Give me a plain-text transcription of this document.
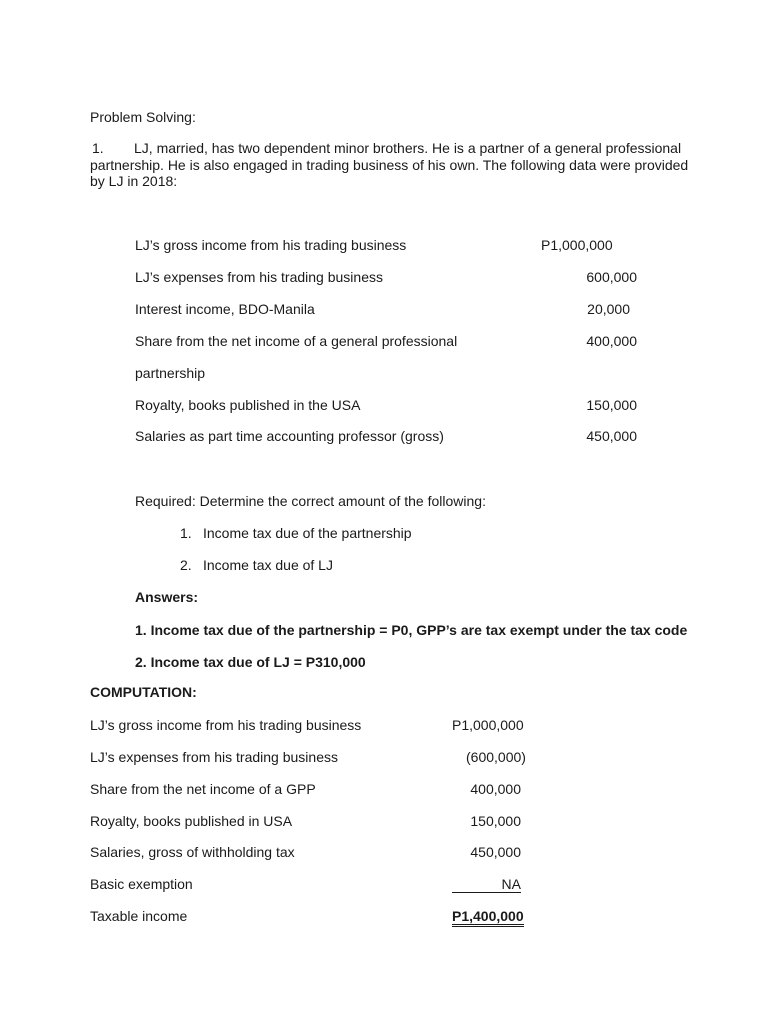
Problem Solving:
1. LJ, married, has two dependent minor brothers. He is a partner of a general professional partnership. He is also engaged in trading business of his own. The following data were provided by LJ in 2018:
LJ’s gross income from his trading business	P1,000,000
LJ’s expenses from his trading business	600,000
Interest income, BDO-Manila	20,000
Share from the net income of a general professional	400,000
partnership
Royalty, books published in the USA	150,000
Salaries as part time accounting professor (gross)	450,000
Required: Determine the correct amount of the following:
1. Income tax due of the partnership
2. Income tax due of LJ
Answers:
1. Income tax due of the partnership = P0, GPP’s are tax exempt under the tax code
2. Income tax due of LJ = P310,000
COMPUTATION:
LJ’s gross income from his trading business	P1,000,000
LJ’s expenses from his trading business	(600,000)
Share from the net income of a GPP	400,000
Royalty, books published in USA	150,000
Salaries, gross of withholding tax	450,000
Basic exemption	NA
Taxable income	P1,400,000
